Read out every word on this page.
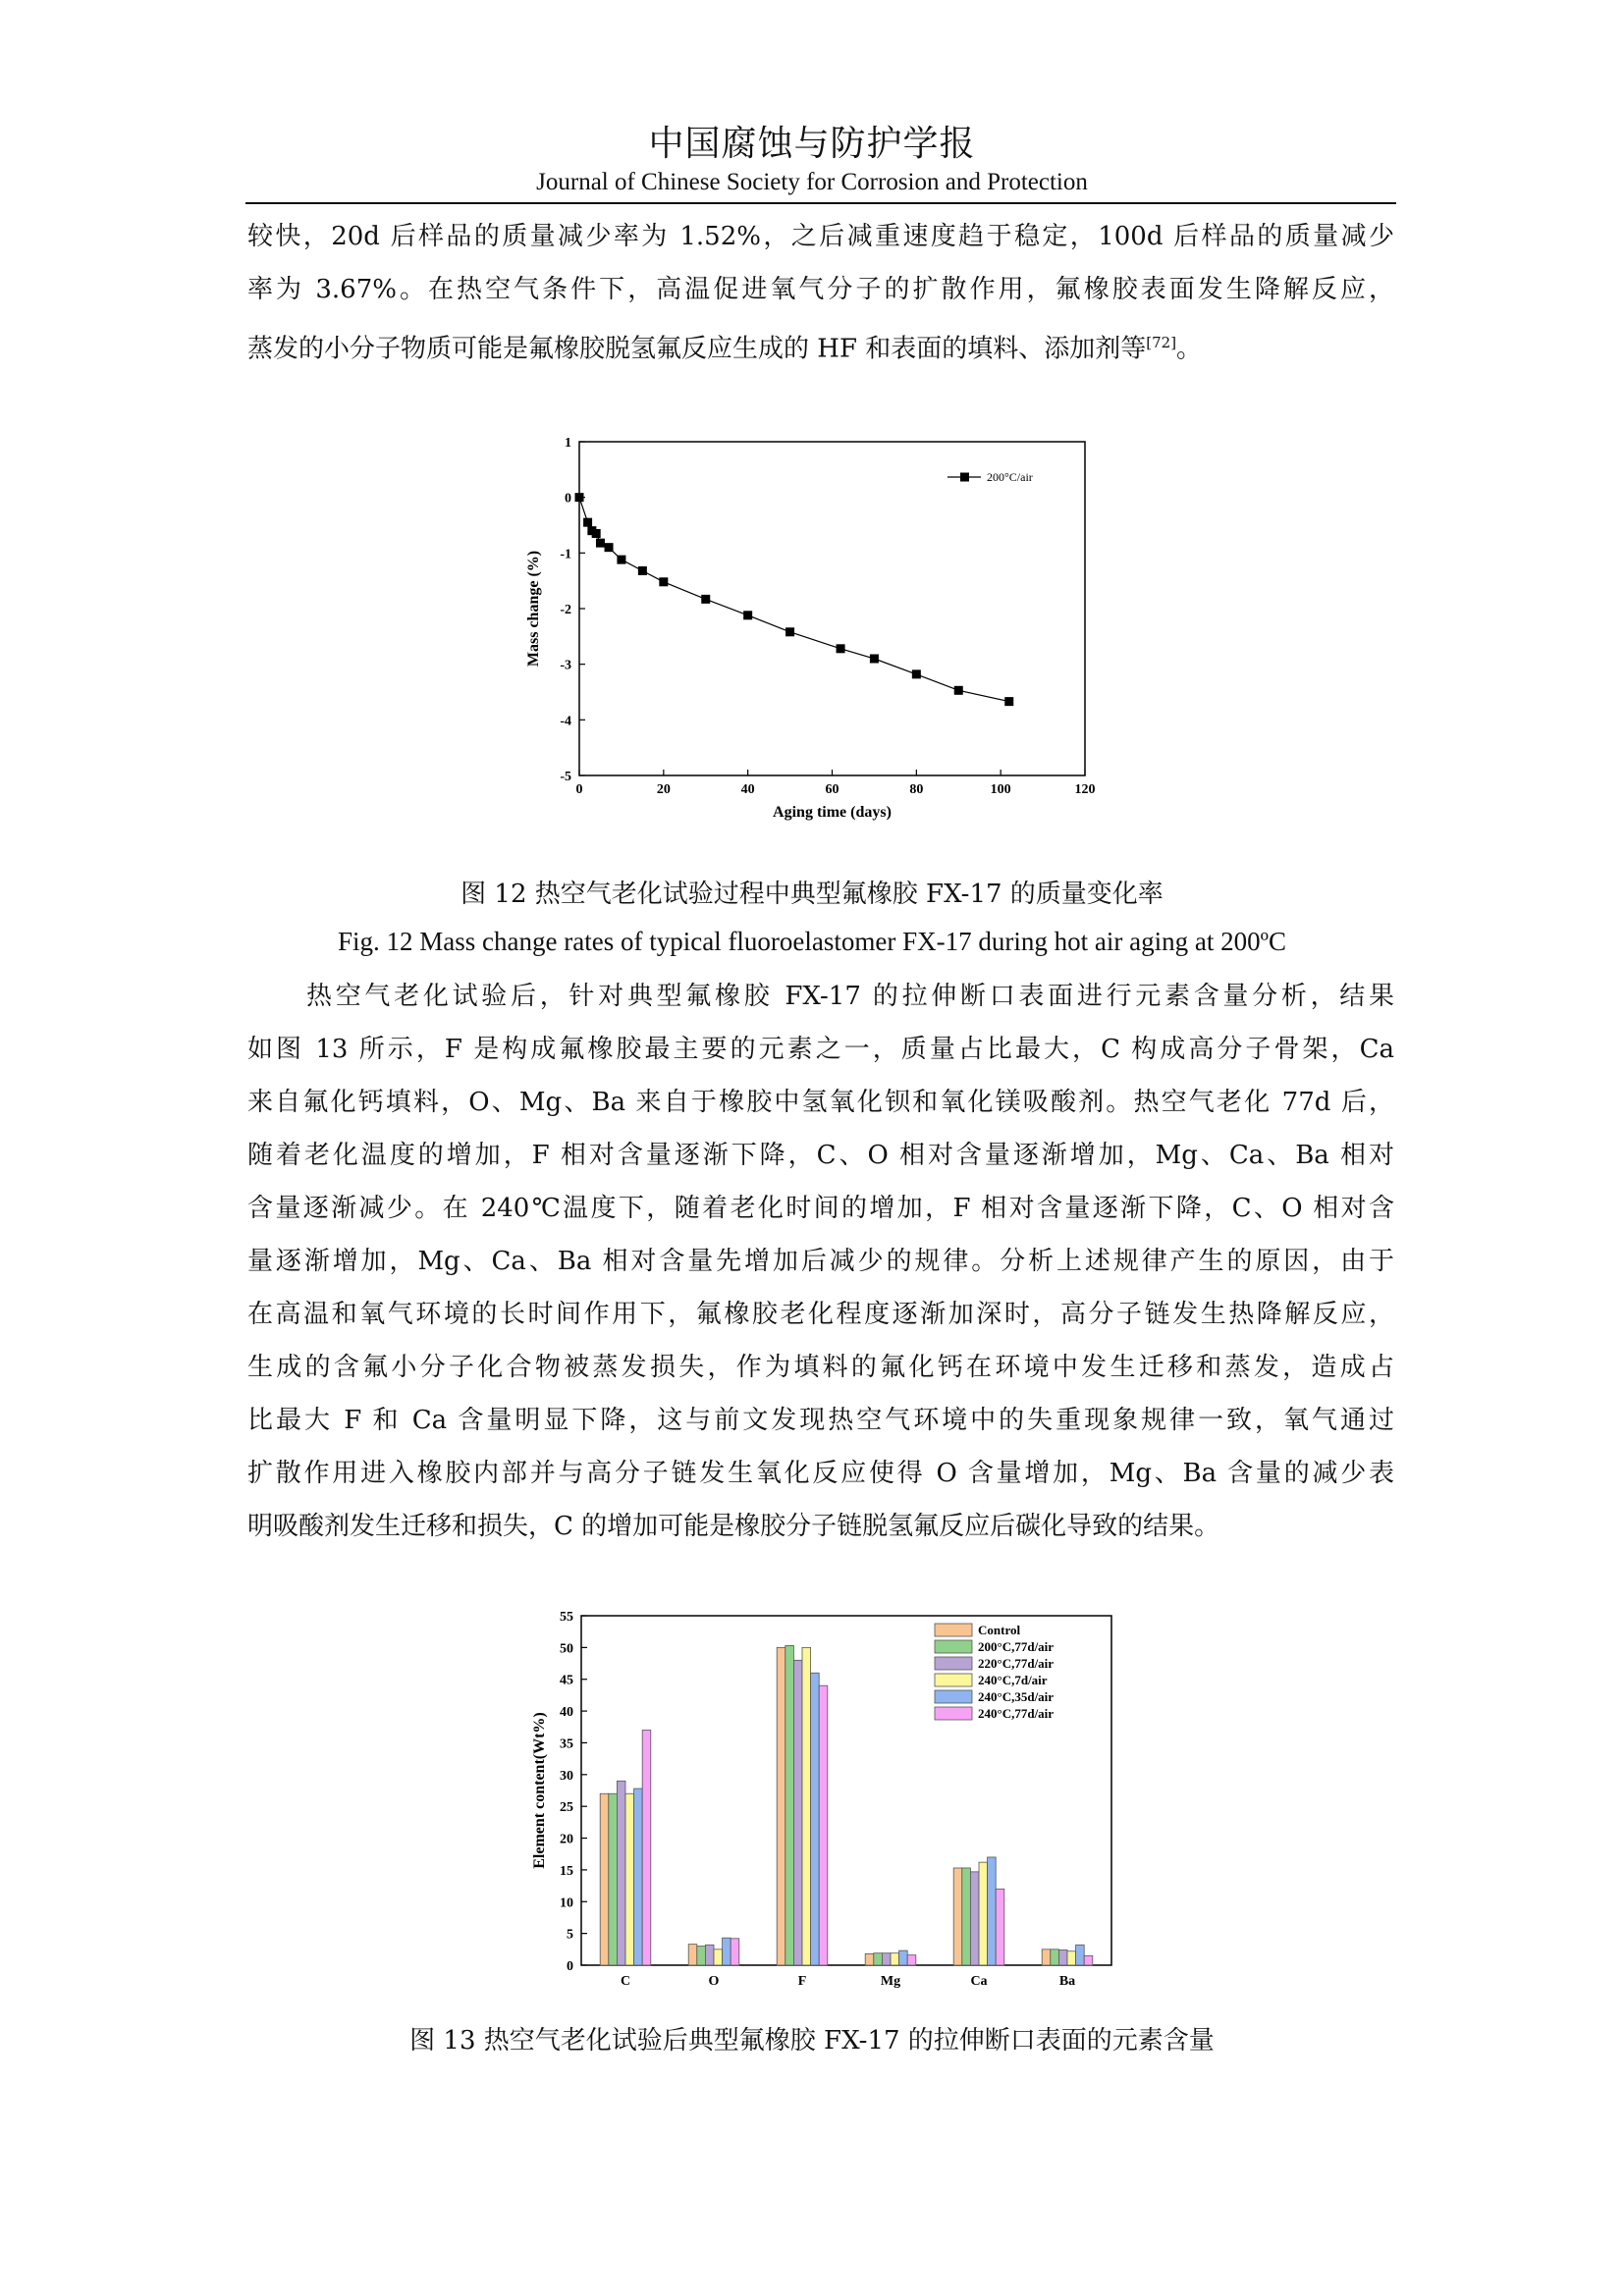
中国腐蚀与防护学报
Journal of Chinese Society for Corrosion and Protection
较快，20d 后样品的质量减少率为 1.52%，之后减重速度趋于稳定，100d 后样品的质量减少
率为 3.67%。在热空气条件下，高温促进氧气分子的扩散作用，氟橡胶表面发生降解反应，
蒸发的小分子物质可能是氟橡胶脱氢氟反应生成的 HF 和表面的填料、添加剂等[72]。
1
0
-1
-2
-3
-4
-5
0	20	40	60	80	100	120
Aging time (days)
Mass change (%)
200°C/air
图 12 热空气老化试验过程中典型氟橡胶 FX-17 的质量变化率
Fig. 12 Mass change rates of typical fluoroelastomer FX-17 during hot air aging at 200ºC
热空气老化试验后，针对典型氟橡胶 FX-17 的拉伸断口表面进行元素含量分析，结果
如图 13 所示，F 是构成氟橡胶最主要的元素之一，质量占比最大，C 构成高分子骨架，Ca
来自氟化钙填料，O、Mg、Ba 来自于橡胶中氢氧化钡和氧化镁吸酸剂。热空气老化 77d 后，
随着老化温度的增加，F 相对含量逐渐下降，C、O 相对含量逐渐增加，Mg、Ca、Ba 相对
含量逐渐减少。在 240℃温度下，随着老化时间的增加，F 相对含量逐渐下降，C、O 相对含
量逐渐增加，Mg、Ca、Ba 相对含量先增加后减少的规律。分析上述规律产生的原因，由于
在高温和氧气环境的长时间作用下，氟橡胶老化程度逐渐加深时，高分子链发生热降解反应，
生成的含氟小分子化合物被蒸发损失，作为填料的氟化钙在环境中发生迁移和蒸发，造成占
比最大 F 和 Ca 含量明显下降，这与前文发现热空气环境中的失重现象规律一致，氧气通过
扩散作用进入橡胶内部并与高分子链发生氧化反应使得 O 含量增加，Mg、Ba 含量的减少表
明吸酸剂发生迁移和损失，C 的增加可能是橡胶分子链脱氢氟反应后碳化导致的结果。
0
5
10
15
20
25
30
35
40
45
50
55
Element content(Wt%)
C	O	F	Mg	Ca	Ba
Control
200°C,77d/air
220°C,77d/air
240°C,7d/air
240°C,35d/air
240°C,77d/air
图 13 热空气老化试验后典型氟橡胶 FX-17 的拉伸断口表面的元素含量
